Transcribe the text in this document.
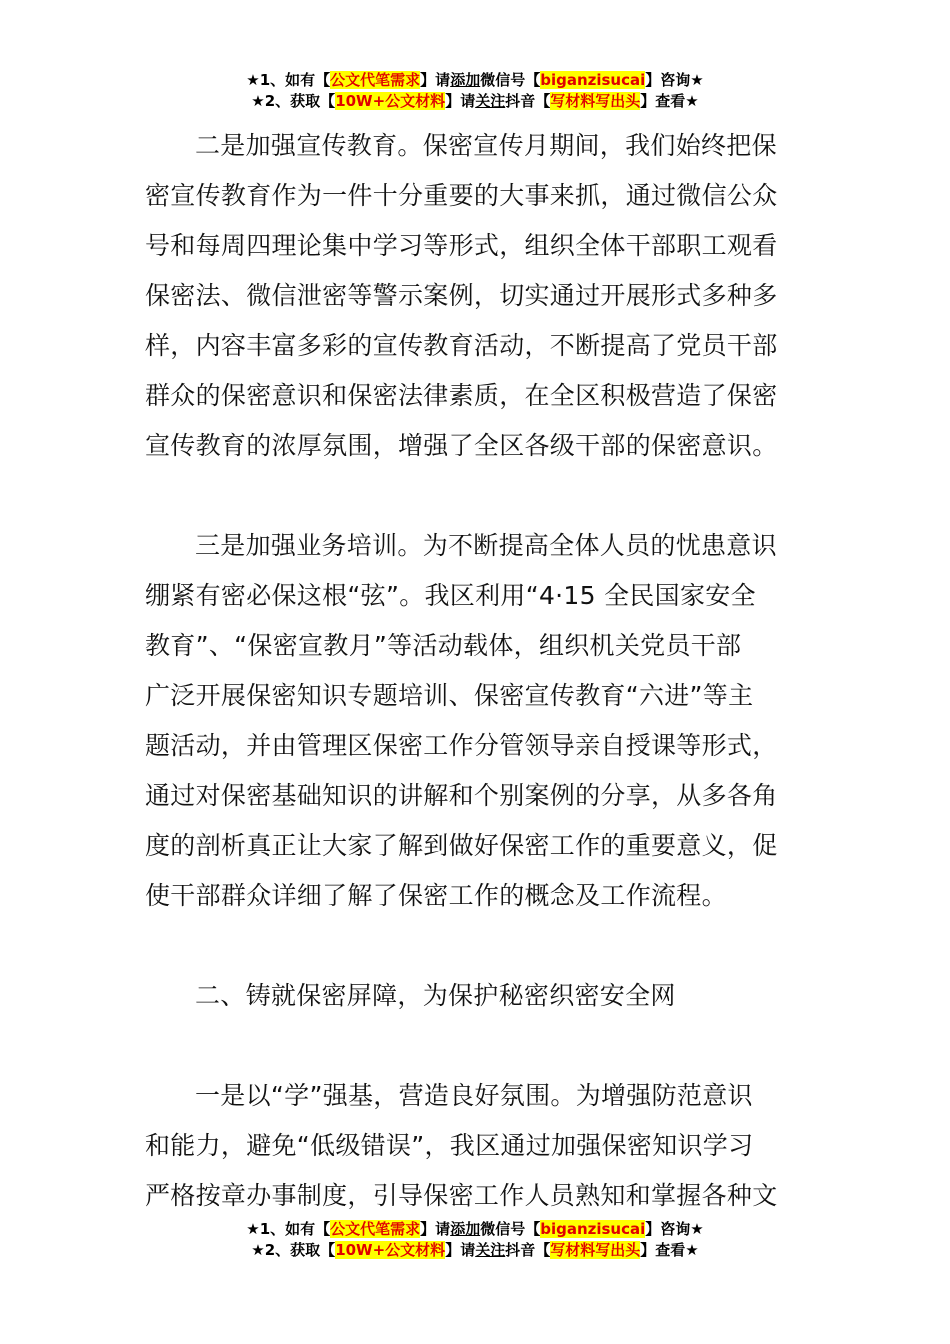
★1、如有【公文代笔需求】请添加微信号【biganzisucai】咨询★
★2、获取【10W+公文材料】请关注抖音【写材料写出头】查看★

二是加强宣传教育。保密宣传月期间，我们始终把保
密宣传教育作为一件十分重要的大事来抓，通过微信公众
号和每周四理论集中学习等形式，组织全体干部职工观看
保密法、微信泄密等警示案例，切实通过开展形式多种多
样，内容丰富多彩的宣传教育活动，不断提高了党员干部
群众的保密意识和保密法律素质，在全区积极营造了保密
宣传教育的浓厚氛围，增强了全区各级干部的保密意识。

三是加强业务培训。为不断提高全体人员的忧患意识
绷紧有密必保这根“弦”。我区利用“4·15 全民国家安全
教育”、“保密宣教月”等活动载体，组织机关党员干部
广泛开展保密知识专题培训、保密宣传教育“六进”等主
题活动，并由管理区保密工作分管领导亲自授课等形式，
通过对保密基础知识的讲解和个别案例的分享，从多各角
度的剖析真正让大家了解到做好保密工作的重要意义，促
使干部群众详细了解了保密工作的概念及工作流程。

二、铸就保密屏障，为保护秘密织密安全网

一是以“学”强基，营造良好氛围。为增强防范意识
和能力，避免“低级错误”，我区通过加强保密知识学习
严格按章办事制度，引导保密工作人员熟知和掌握各种文

★1、如有【公文代笔需求】请添加微信号【biganzisucai】咨询★
★2、获取【10W+公文材料】请关注抖音【写材料写出头】查看★
